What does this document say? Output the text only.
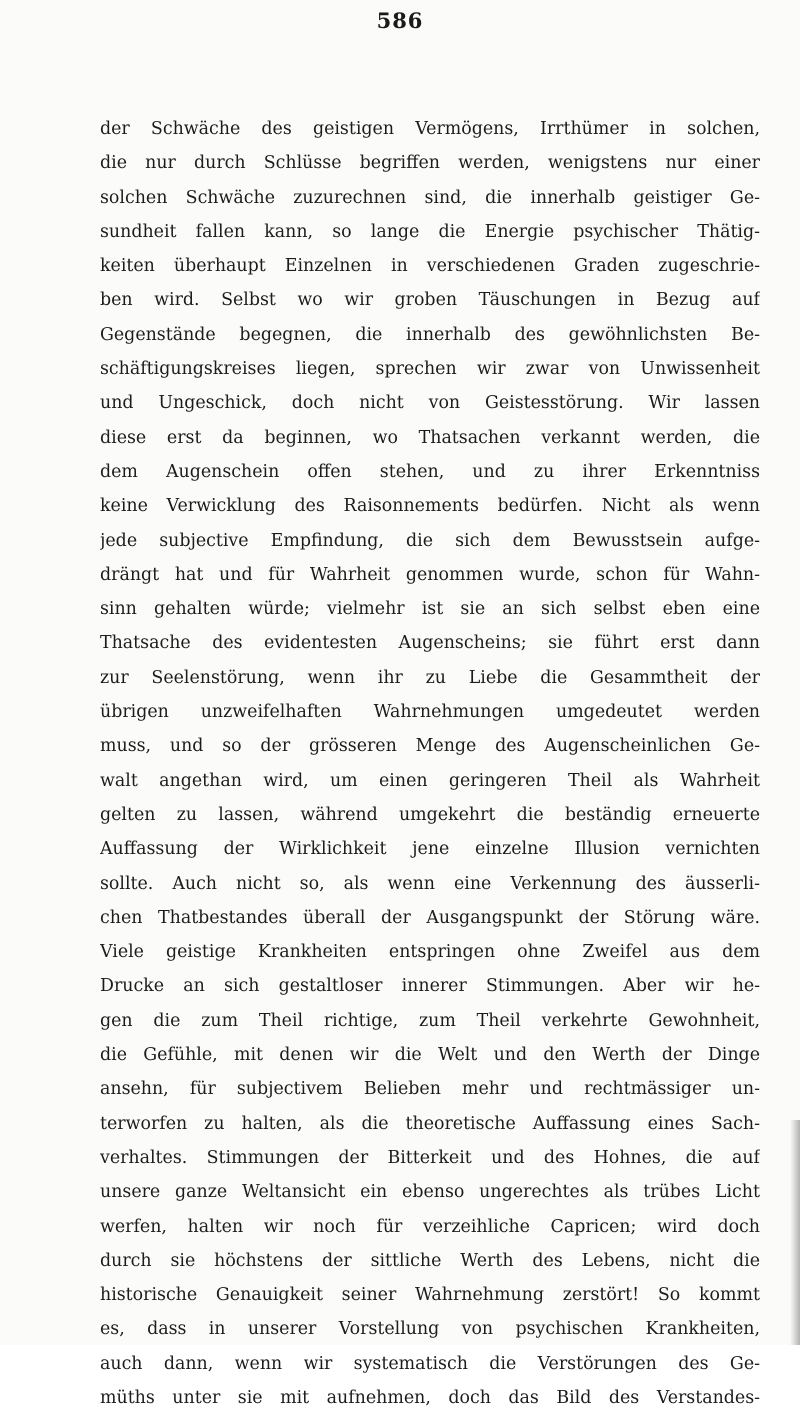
586
der Schwäche des geistigen Vermögens, Irrthümer in solchen,
die nur durch Schlüsse begriffen werden, wenigstens nur einer
solchen Schwäche zuzurechnen sind, die innerhalb geistiger Ge-
sundheit fallen kann, so lange die Energie psychischer Thätig-
keiten überhaupt Einzelnen in verschiedenen Graden zugeschrie-
ben wird. Selbst wo wir groben Täuschungen in Bezug auf
Gegenstände begegnen, die innerhalb des gewöhnlichsten Be-
schäftigungskreises liegen, sprechen wir zwar von Unwissenheit
und Ungeschick, doch nicht von Geistesstörung. Wir lassen
diese erst da beginnen, wo Thatsachen verkannt werden, die
dem Augenschein offen stehen, und zu ihrer Erkenntniss
keine Verwicklung des Raisonnements bedürfen. Nicht als wenn
jede subjective Empfindung, die sich dem Bewusstsein aufge-
drängt hat und für Wahrheit genommen wurde, schon für Wahn-
sinn gehalten würde; vielmehr ist sie an sich selbst eben eine
Thatsache des evidentesten Augenscheins; sie führt erst dann
zur Seelenstörung, wenn ihr zu Liebe die Gesammtheit der
übrigen unzweifelhaften Wahrnehmungen umgedeutet werden
muss, und so der grösseren Menge des Augenscheinlichen Ge-
walt angethan wird, um einen geringeren Theil als Wahrheit
gelten zu lassen, während umgekehrt die beständig erneuerte
Auffassung der Wirklichkeit jene einzelne Illusion vernichten
sollte. Auch nicht so, als wenn eine Verkennung des äusserli-
chen Thatbestandes überall der Ausgangspunkt der Störung wäre.
Viele geistige Krankheiten entspringen ohne Zweifel aus dem
Drucke an sich gestaltloser innerer Stimmungen. Aber wir he-
gen die zum Theil richtige, zum Theil verkehrte Gewohnheit,
die Gefühle, mit denen wir die Welt und den Werth der Dinge
ansehn, für subjectivem Belieben mehr und rechtmässiger un-
terworfen zu halten, als die theoretische Auffassung eines Sach-
verhaltes. Stimmungen der Bitterkeit und des Hohnes, die auf
unsere ganze Weltansicht ein ebenso ungerechtes als trübes Licht
werfen, halten wir noch für verzeihliche Capricen; wird doch
durch sie höchstens der sittliche Werth des Lebens, nicht die
historische Genauigkeit seiner Wahrnehmung zerstört! So kommt
es, dass in unserer Vorstellung von psychischen Krankheiten,
auch dann, wenn wir systematisch die Verstörungen des Ge-
müths unter sie mit aufnehmen, doch das Bild des Verstandes-
